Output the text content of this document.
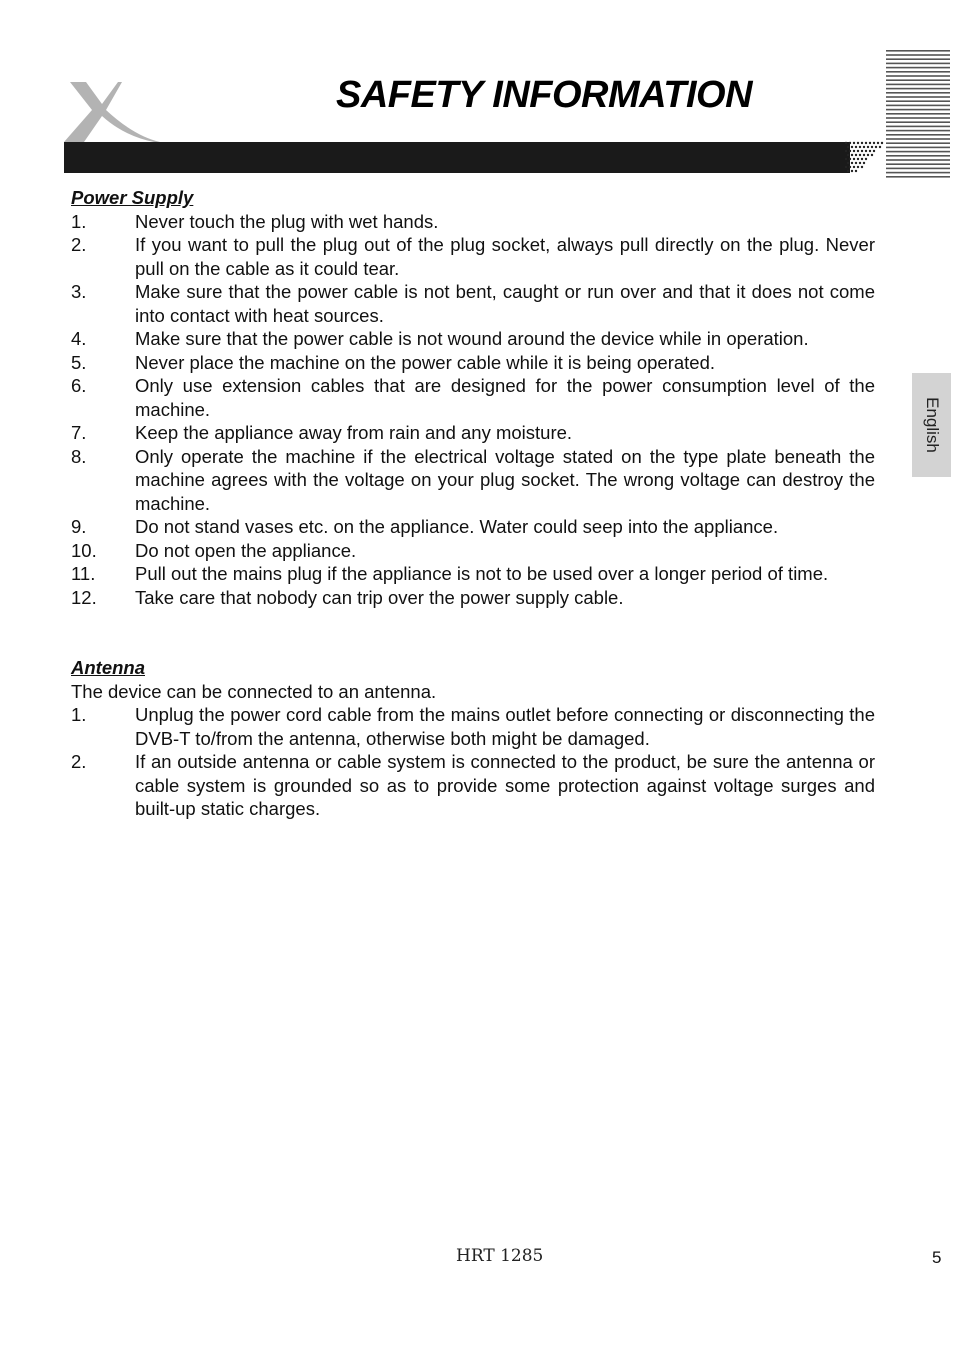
SAFETY INFORMATION
English
Power Supply
1.	Never touch the plug with wet hands.
2.	If you want to pull the plug out of the plug socket, always pull directly on the plug. Never pull on the cable as it could tear.
3.	Make sure that the power cable is not bent, caught or run over and that it does not come into contact with heat sources.
4.	Make sure that the power cable is not wound around the device while in operation.
5.	Never place the machine on the power cable while it is being operated.
6.	Only use extension cables that are designed for the power consumption level of the machine.
7.	Keep the appliance away from rain and any moisture.
8.	Only operate the machine if the electrical voltage stated on the type plate beneath the machine agrees with the voltage on your plug socket. The wrong voltage can destroy the machine.
9.	Do not stand vases etc. on the appliance. Water could seep into the appliance.
10.	Do not open the appliance.
11.	Pull out the mains plug if the appliance is not to be used over a longer period of time.
12.	Take care that nobody can trip over the power supply cable.
Antenna

The device can be connected to an antenna.

1.	Unplug the power cord cable from the mains outlet before connecting or disconnecting the DVB-T to/from the antenna, otherwise both might be damaged.
2.	If an outside antenna or cable system is connected to the product, be sure the antenna or cable system is grounded so as to provide some protection against voltage surges and built-up static charges.
HRT 1285	5
